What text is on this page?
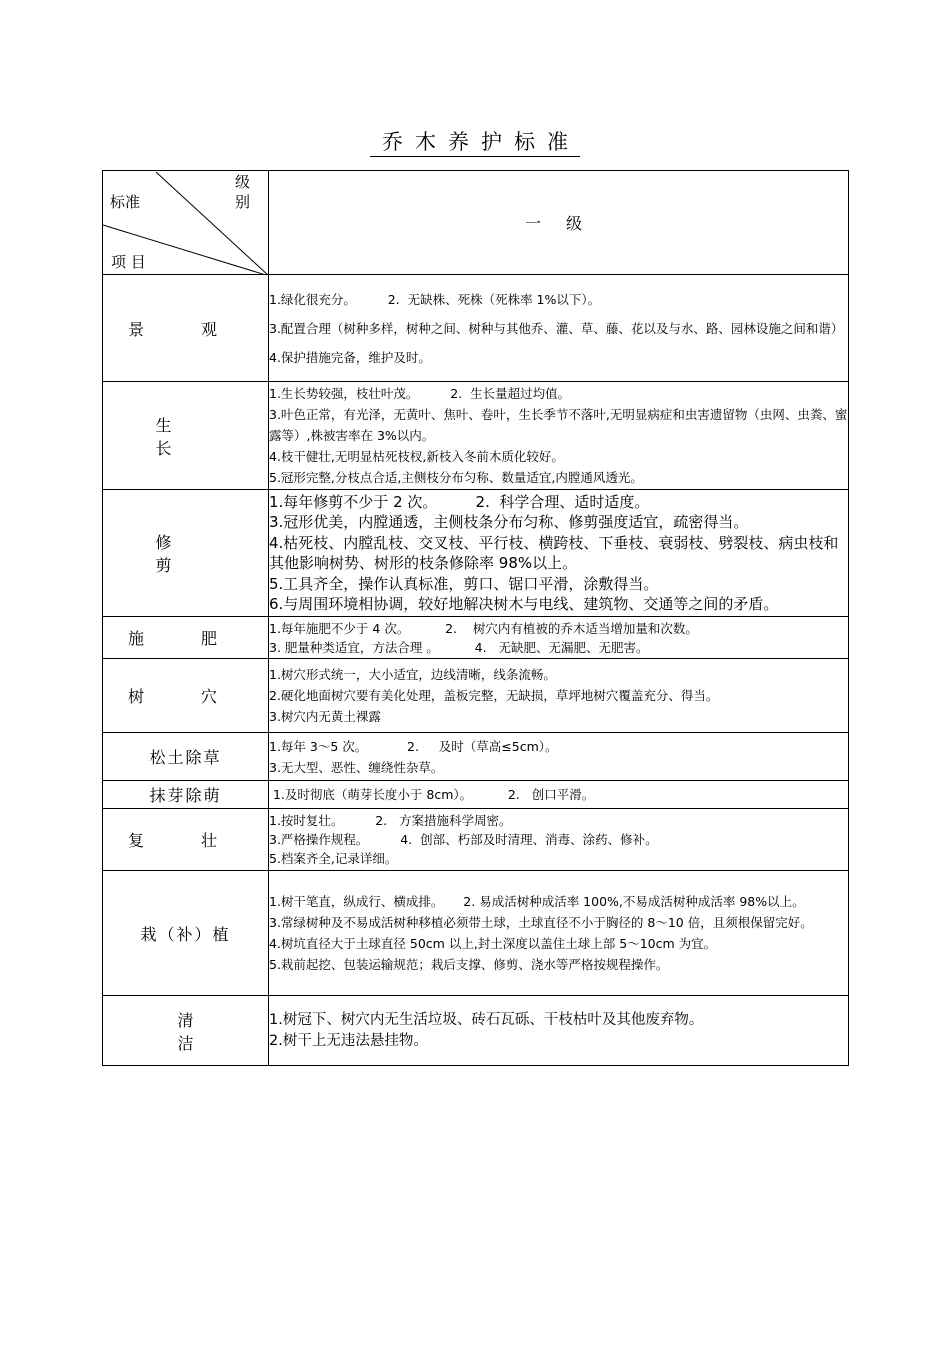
乔木养护标准
级
别
标准
项 目	一 级
景 观	1.绿化很充分。        2.  无缺株、死株（死株率 1%以下）。
3.配置合理（树种多样，树种之间、树种与其他乔、灌、草、藤、花以及与水、路、园林设施之间和谐）
4.保护措施完备，维护及时。

生 长	1.生长势较强，枝壮叶茂。        2.  生长量超过均值。
3.叶色正常，有光泽，无黄叶、焦叶、卷叶，生长季节不落叶,无明显病症和虫害遗留物（虫网、虫粪、蜜露等）,株被害率在 3%以内。
4.枝干健壮,无明显枯死枝杈,新枝入冬前木质化较好。
5.冠形完整,分枝点合适,主侧枝分布匀称、数量适宜,内膛通风透光。

修 剪	1.每年修剪不少于 2 次。        2.  科学合理、适时适度。
3.冠形优美，内膛通透，主侧枝条分布匀称、修剪强度适宜，疏密得当。
4.枯死枝、内膛乱枝、交叉枝、平行枝、横跨枝、下垂枝、衰弱枝、劈裂枝、病虫枝和其他影响树势、树形的枝条修除率 98%以上。
5.工具齐全，操作认真标准，剪口、锯口平滑，涂敷得当。
6.与周围环境相协调，较好地解决树木与电线、建筑物、交通等之间的矛盾。

施 肥	1.每年施肥不少于 4 次。         2.    树穴内有植被的乔木适当增加量和次数。
3. 肥量种类适宜，方法合理 。         4.   无缺肥、无漏肥、无肥害。

树 穴	1.树穴形式统一，大小适宜，边线清晰，线条流畅。
2.硬化地面树穴要有美化处理，盖板完整，无缺损，草坪地树穴覆盖充分、得当。
3.树穴内无黄土裸露

松土除草	1.每年 3～5 次。          2.     及时（草高≤5cm）。
3.无大型、恶性、缠绕性杂草。

抹芽除萌	1.及时彻底（萌芽长度小于 8cm）。         2.   创口平滑。

复 壮	1.按时复壮。        2.   方案措施科学周密。
3.严格操作规程。        4.  创部、朽部及时清理、消毒、涂药、修补。
5.档案齐全,记录详细。

栽（补）植	1.树干笔直，纵成行、横成排。     2. 易成活树种成活率 100%,不易成活树种成活率 98%以上。
3.常绿树种及不易成活树种移植必须带土球，土球直径不小于胸径的 8～10 倍，且须根保留完好。
4.树坑直径大于土球直径 50cm 以上,封土深度以盖住土球上部 5～10cm 为宜。
5.栽前起挖、包装运输规范；栽后支撑、修剪、浇水等严格按规程操作。

清 洁	1.树冠下、树穴内无生活垃圾、砖石瓦砾、干枝枯叶及其他废弃物。
2.树干上无违法悬挂物。
